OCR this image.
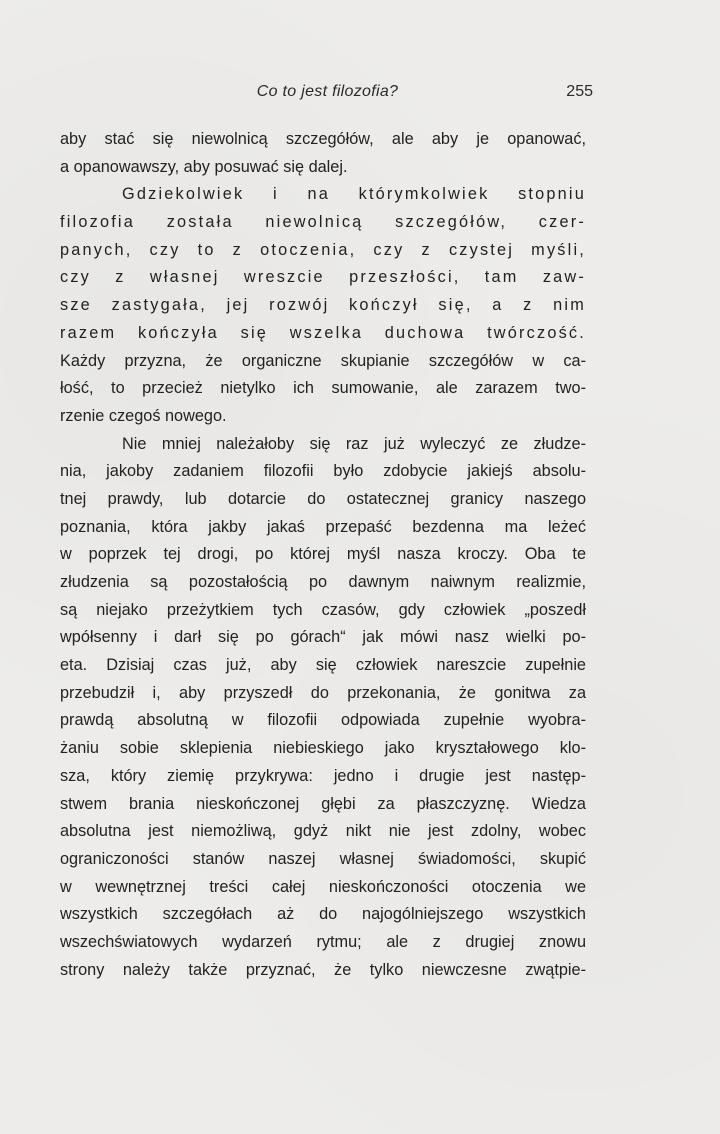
Co to jest filozofia?	255
aby stać się niewolnicą szczegółów, ale aby je opanować,
a opanowawszy, aby posuwać się dalej.
Gdziekolwiek i na którymkolwiek stopniu
filozofia została niewolnicą szczegółów, czer-
panych, czy to z otoczenia, czy z czystej myśli,
czy z własnej wreszcie przeszłości, tam zaw-
sze zastygała, jej rozwój kończył się, a z nim
razem kończyła się wszelka duchowa twórczość.
Każdy przyzna, że organiczne skupianie szczegółów w ca-
łość, to przecież nietylko ich sumowanie, ale zarazem two-
rzenie czegoś nowego.
Nie mniej należałoby się raz już wyleczyć ze złudze-
nia, jakoby zadaniem filozofii było zdobycie jakiejś absolu-
tnej prawdy, lub dotarcie do ostatecznej granicy naszego
poznania, która jakby jakaś przepaść bezdenna ma leżeć
w poprzek tej drogi, po której myśl nasza kroczy. Oba te
złudzenia są pozostałością po dawnym naiwnym realizmie,
są niejako przeżytkiem tych czasów, gdy człowiek „poszedł
wpółsenny i darł się po górach“ jak mówi nasz wielki po-
eta. Dzisiaj czas już, aby się człowiek nareszcie zupełnie
przebudził i, aby przyszedł do przekonania, że gonitwa za
prawdą absolutną w filozofii odpowiada zupełnie wyobra-
żaniu sobie sklepienia niebieskiego jako kryształowego klo-
sza, który ziemię przykrywa: jedno i drugie jest następ-
stwem brania nieskończonej głębi za płaszczyznę. Wiedza
absolutna jest niemożliwą, gdyż nikt nie jest zdolny, wobec
ograniczoności stanów naszej własnej świadomości, skupić
w wewnętrznej treści całej nieskończoności otoczenia we
wszystkich szczegółach aż do najogólniejszego wszystkich
wszechświatowych wydarzeń rytmu; ale z drugiej znowu
strony należy także przyznać, że tylko niewczesne zwątpie-
